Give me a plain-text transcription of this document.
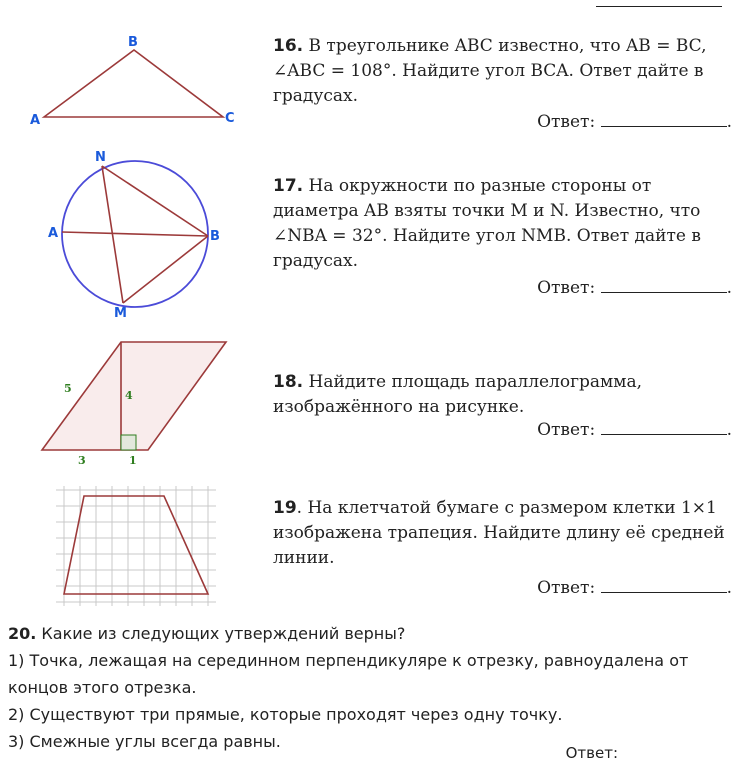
B
A	C
16. В треугольнике ABC известно, что AB = BC, ∠ABC = 108°. Найдите угол BCA. Ответ дайте в градусах.
Ответ:	.
N
A	B
M
17. На окружности по разные стороны от диаметра AB взяты точки M и N. Известно, что ∠NBA = 32°. Найдите угол NMB. Ответ дайте в градусах.
Ответ:	.
5
4
3	1
18. Найдите площадь параллелограмма, изображённого на рисунке.
Ответ:	.
19. На клетчатой бумаге с размером клетки 1×1 изображена трапеция. Найдите длину её средней линии.
Ответ:	.
20. Какие из следующих утверждений верны?
1) Точка, лежащая на серединном перпендикуляре к отрезку, равноудалена от концов этого отрезка.
2) Существуют три прямые, которые проходят через одну точку.
3) Смежные углы всегда равны.
Ответ:
